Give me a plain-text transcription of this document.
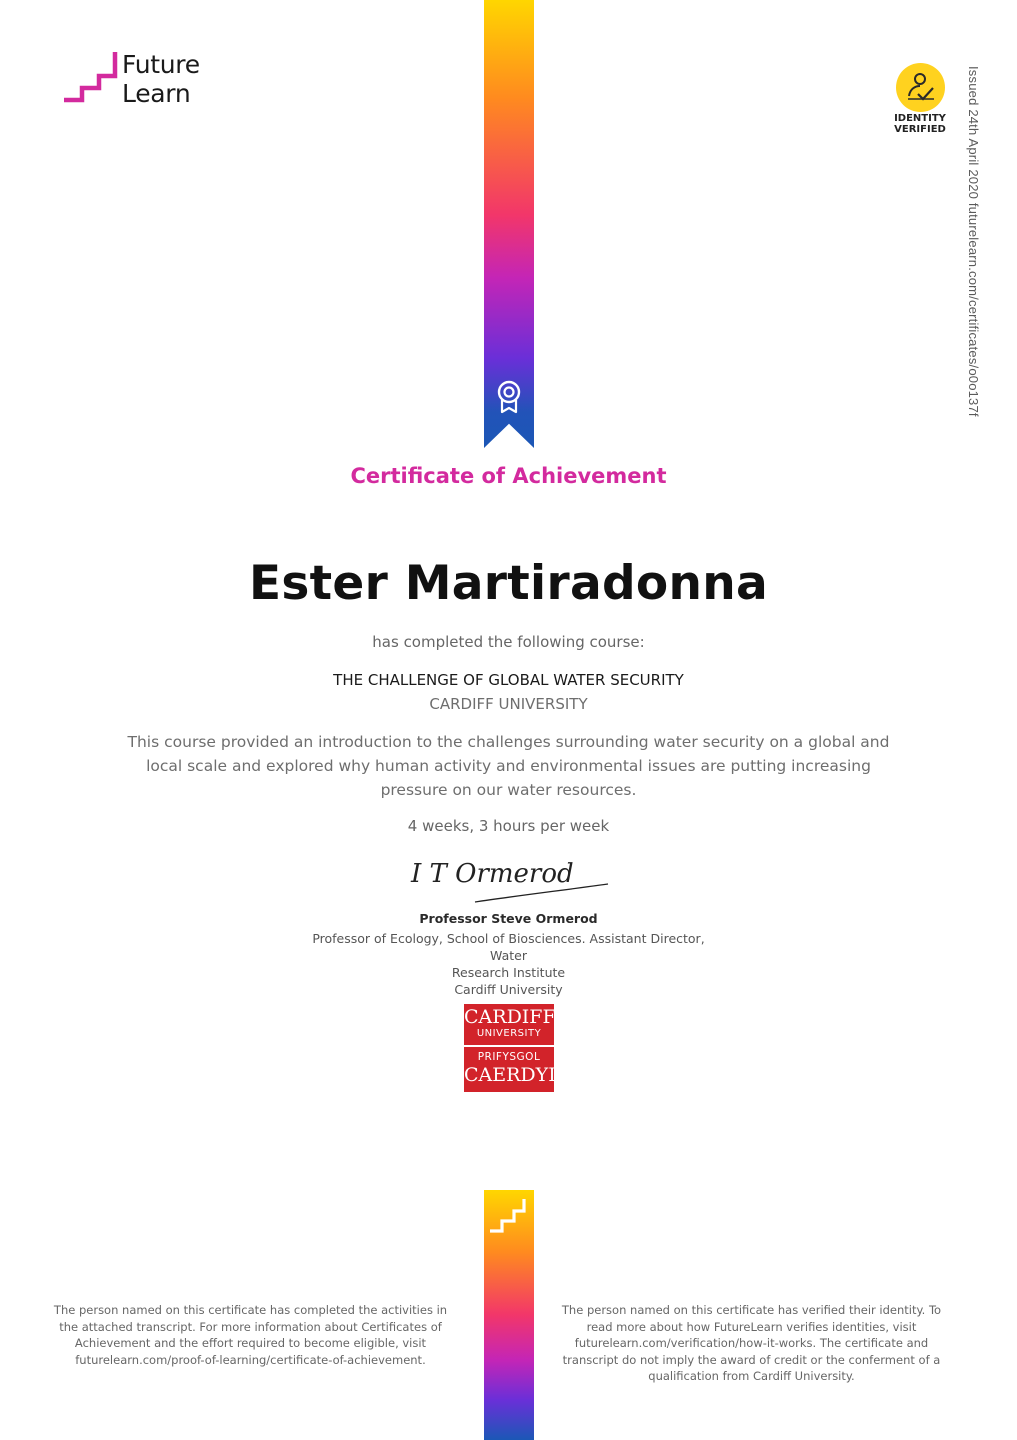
Future
Learn
IDENTITY
VERIFIED	Issued 24th April 2020 futurelearn.com/certificates/o0o137f
Certificate of Achievement
Ester Martiradonna
has completed the following course:
THE CHALLENGE OF GLOBAL WATER SECURITY
CARDIFF UNIVERSITY
This course provided an introduction to the challenges surrounding water security on a global and local scale and explored why human activity and environmental issues are putting increasing pressure on our water resources.
4 weeks, 3 hours per week
I T Ormerod
Professor Steve Ormerod
Professor of Ecology, School of Biosciences. Assistant Director, Water
Research Institute
Cardiff University
CARDIFF
UNIVERSITY
PRIFYSGOL
CAERDYDD
The person named on this certificate has completed the activities in the attached transcript. For more information about Certificates of Achievement and the effort required to become eligible, visit futurelearn.com/proof-of-learning/certificate-of-achievement.
The person named on this certificate has verified their identity. To read more about how FutureLearn verifies identities, visit futurelearn.com/verification/how-it-works. The certificate and transcript do not imply the award of credit or the conferment of a qualification from Cardiff University.
